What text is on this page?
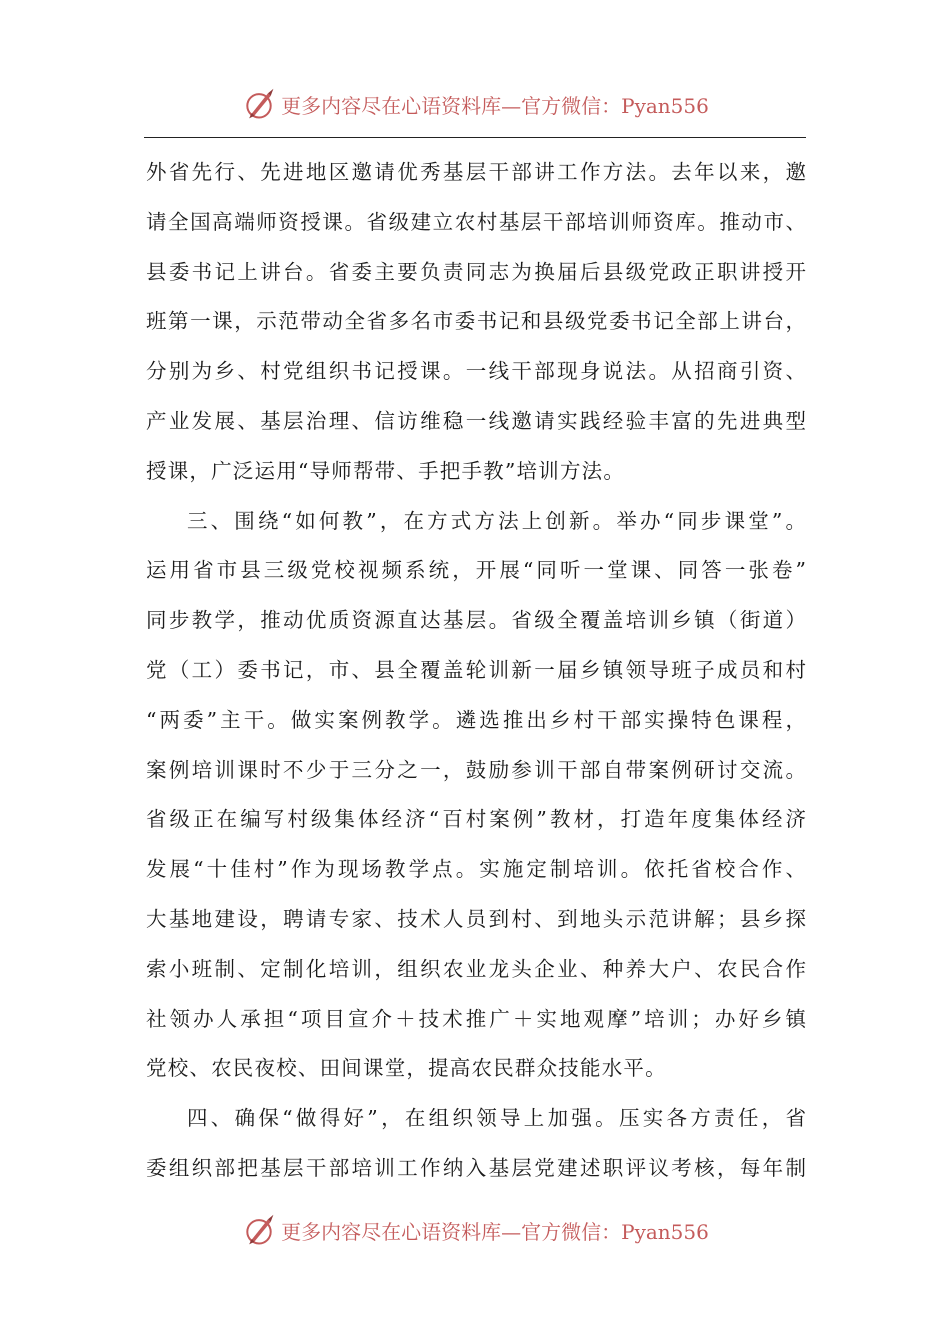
更多内容尽在心语资料库—官方微信：Pyan556
外省先行、先进地区邀请优秀基层干部讲工作方法。去年以来，邀
请全国高端师资授课。省级建立农村基层干部培训师资库。推动市、
县委书记上讲台。省委主要负责同志为换届后县级党政正职讲授开
班第一课，示范带动全省多名市委书记和县级党委书记全部上讲台，
分别为乡、村党组织书记授课。一线干部现身说法。从招商引资、
产业发展、基层治理、信访维稳一线邀请实践经验丰富的先进典型
授课，广泛运用“导师帮带、手把手教”培训方法。
三、围绕“如何教”，在方式方法上创新。举办“同步课堂”。
运用省市县三级党校视频系统，开展“同听一堂课、同答一张卷”
同步教学，推动优质资源直达基层。省级全覆盖培训乡镇（街道）
党（工）委书记，市、县全覆盖轮训新一届乡镇领导班子成员和村
“两委”主干。做实案例教学。遴选推出乡村干部实操特色课程，
案例培训课时不少于三分之一，鼓励参训干部自带案例研讨交流。
省级正在编写村级集体经济“百村案例”教材，打造年度集体经济
发展“十佳村”作为现场教学点。实施定制培训。依托省校合作、
大基地建设，聘请专家、技术人员到村、到地头示范讲解；县乡探
索小班制、定制化培训，组织农业龙头企业、种养大户、农民合作
社领办人承担“项目宣介＋技术推广＋实地观摩”培训；办好乡镇
党校、农民夜校、田间课堂，提高农民群众技能水平。
四、确保“做得好”，在组织领导上加强。压实各方责任，省
委组织部把基层干部培训工作纳入基层党建述职评议考核，每年制
更多内容尽在心语资料库—官方微信：Pyan556
